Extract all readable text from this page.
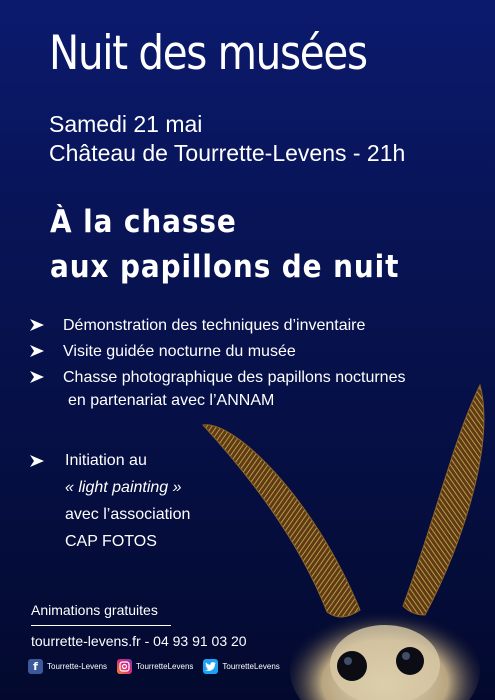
Nuit des musées
Samedi 21 mai
Château de Tourrette-Levens - 21h
À la chasse
aux papillons de nuit
Démonstration des techniques d’inventaire
Visite guidée nocturne du musée
Chasse photographique des papillons nocturnes
en partenariat avec l’ANNAM
Initiation au
« light painting »
avec l’association
CAP FOTOS
Animations gratuites
tourrette-levens.fr - 04 93 91 03 20
f	Tourrette-Levens	TourretteLevens	TourretteLevens
